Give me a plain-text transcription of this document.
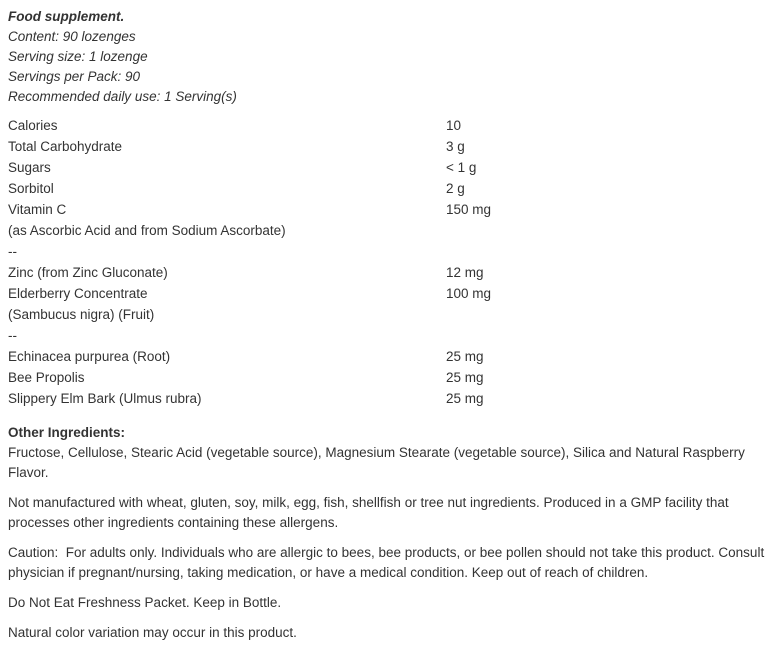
Food supplement.
Content: 90 lozenges
Serving size: 1 lozenge
Servings per Pack: 90
Recommended daily use: 1 Serving(s)
Calories	10
Total Carbohydrate	3 g
Sugars	< 1 g
Sorbitol	2 g
Vitamin C	150 mg
(as Ascorbic Acid and from Sodium Ascorbate)
--
Zinc (from Zinc Gluconate)	12 mg
Elderberry Concentrate	100 mg
(Sambucus nigra) (Fruit)
--
Echinacea purpurea (Root)	25 mg
Bee Propolis	25 mg
Slippery Elm Bark (Ulmus rubra)	25 mg
Other Ingredients:

Fructose, Cellulose, Stearic Acid (vegetable source), Magnesium Stearate (vegetable source), Silica and Natural Raspberry Flavor.

Not manufactured with wheat, gluten, soy, milk, egg, fish, shellfish or tree nut ingredients. Produced in a GMP facility that processes other ingredients containing these allergens.

Caution:  For adults only. Individuals who are allergic to bees, bee products, or bee pollen should not take this product. Consult physician if pregnant/nursing, taking medication, or have a medical condition. Keep out of reach of children.

Do Not Eat Freshness Packet. Keep in Bottle.

Natural color variation may occur in this product.
